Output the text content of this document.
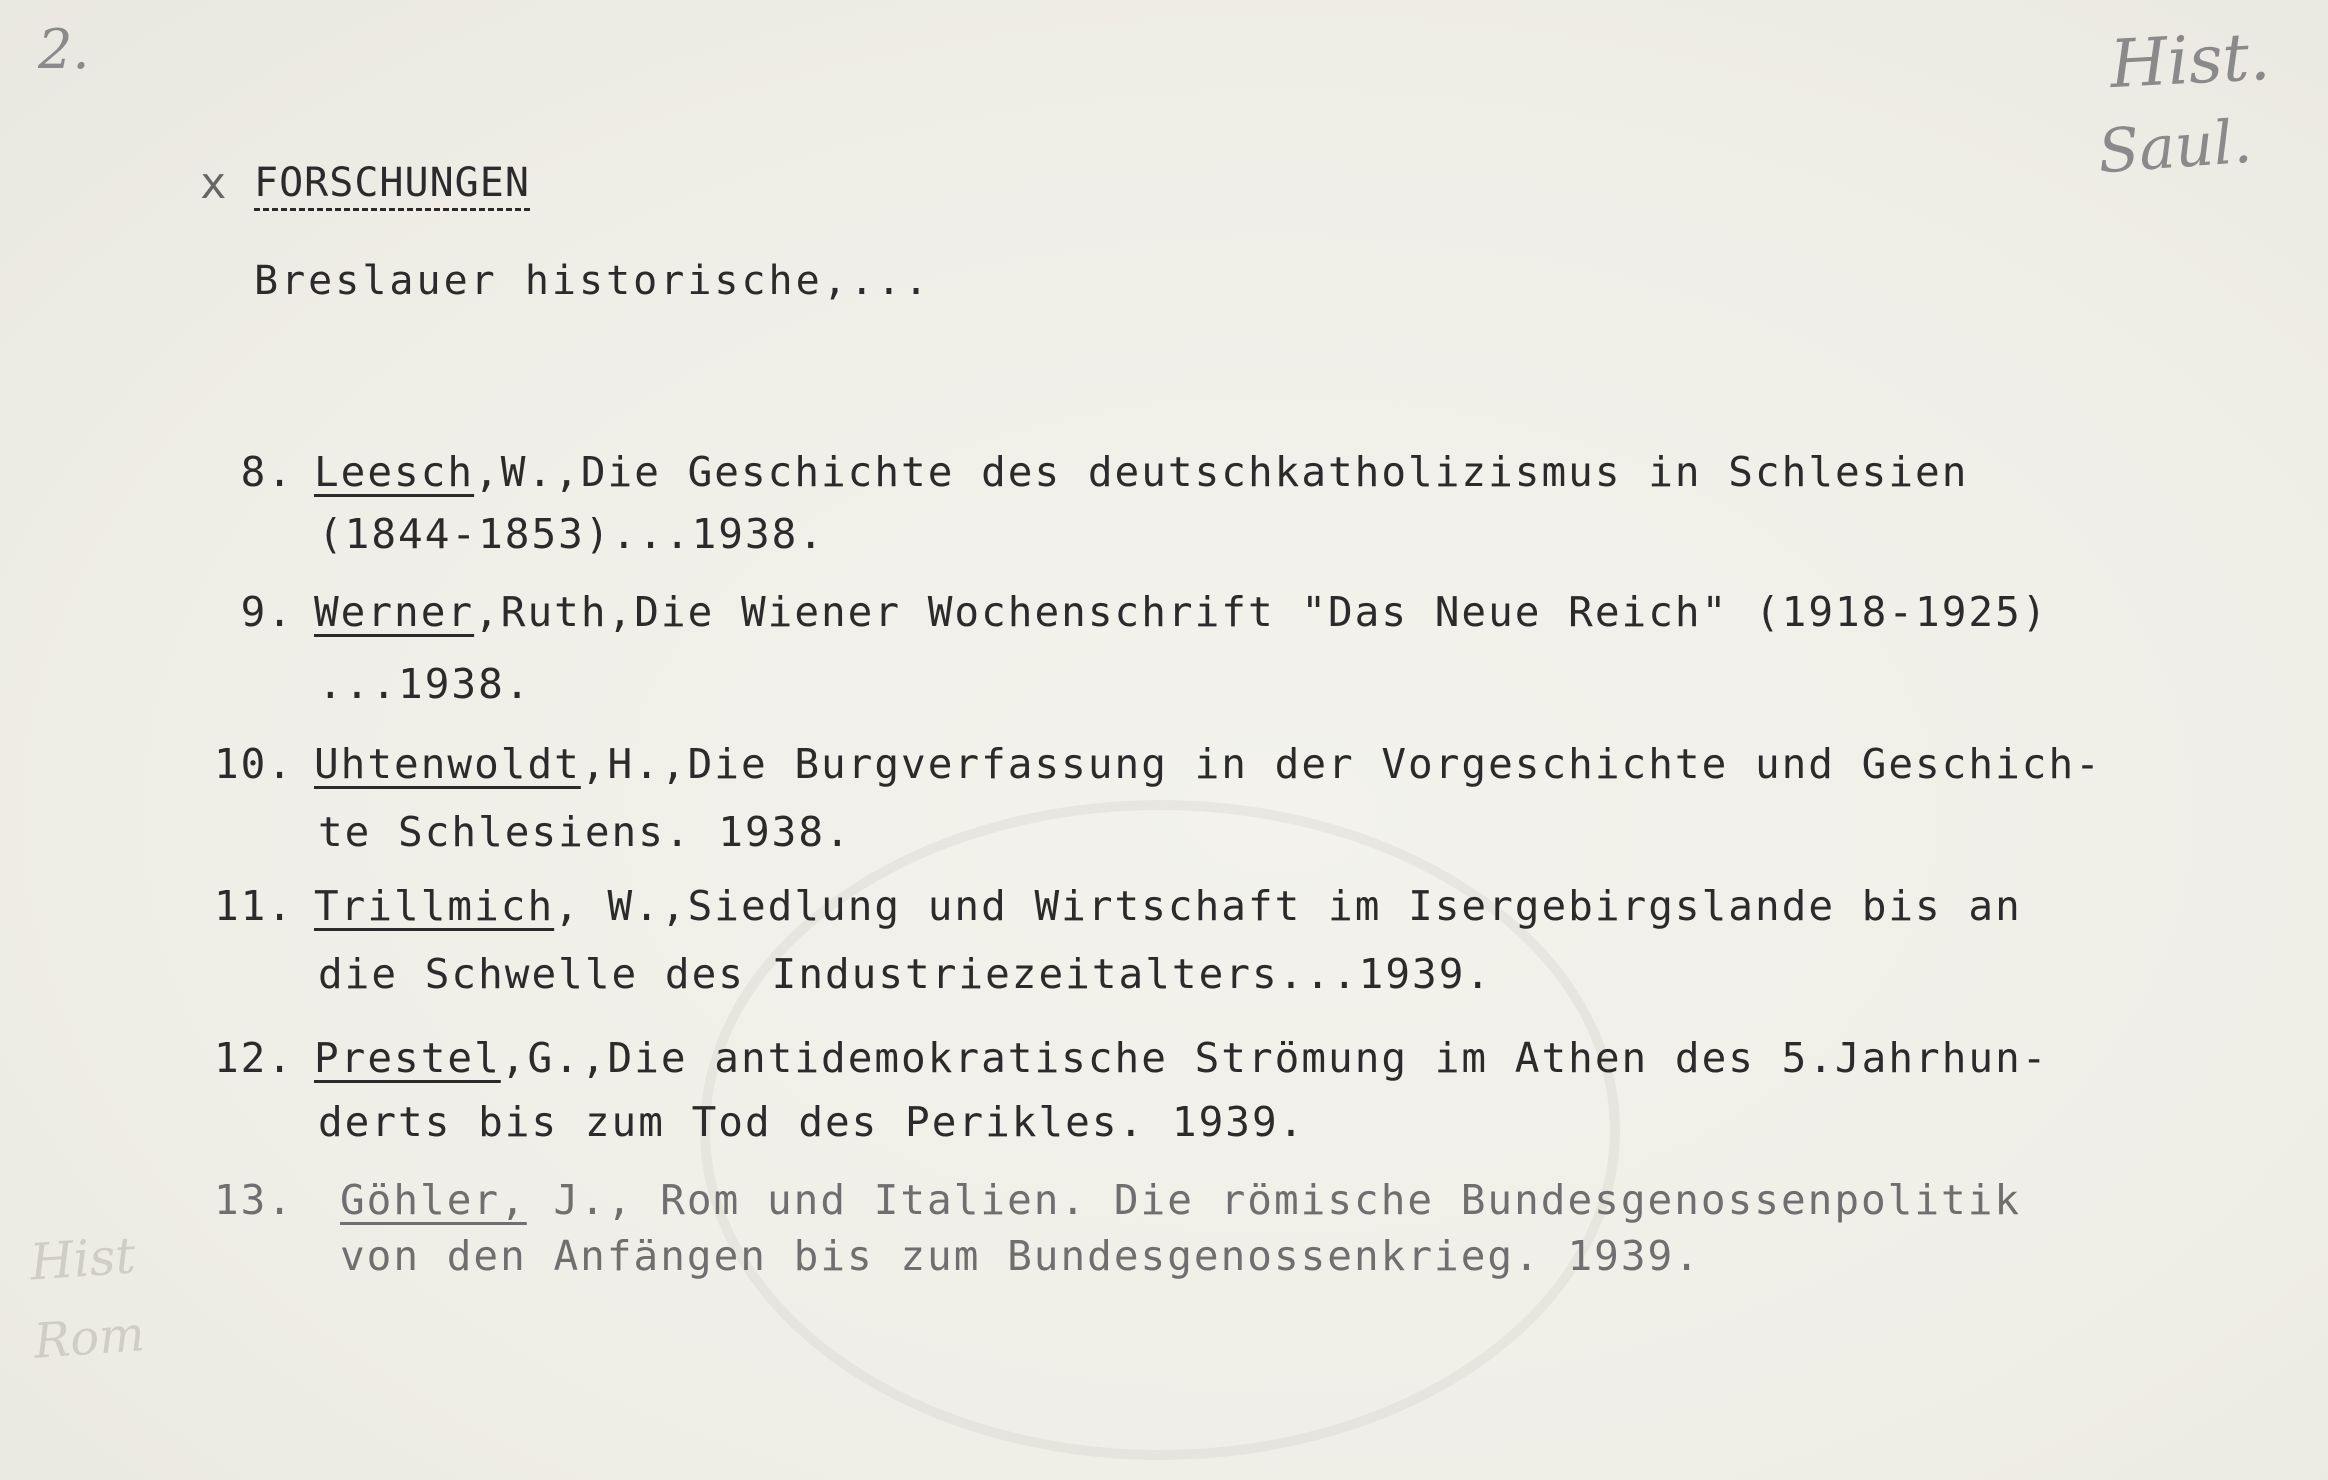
2.	Hist.
Saul.
Hist
Rom
x FORSCHUNGEN
Breslauer historische,...
8. Leesch,W.,Die Geschichte des deutschkatholizismus in Schlesien
(1844-1853)...1938.
9. Werner,Ruth,Die Wiener Wochenschrift "Das Neue Reich" (1918-1925)
...1938.
10. Uhtenwoldt,H.,Die Burgverfassung in der Vorgeschichte und Geschich-
te Schlesiens. 1938.
11. Trillmich, W.,Siedlung und Wirtschaft im Isergebirgslande bis an
die Schwelle des Industriezeitalters...1939.
12. Prestel,G.,Die antidemokratische Strömung im Athen des 5.Jahrhun-
derts bis zum Tod des Perikles. 1939.
13. Göhler, J., Rom und Italien. Die römische Bundesgenossenpolitik
von den Anfängen bis zum Bundesgenossenkrieg. 1939.
